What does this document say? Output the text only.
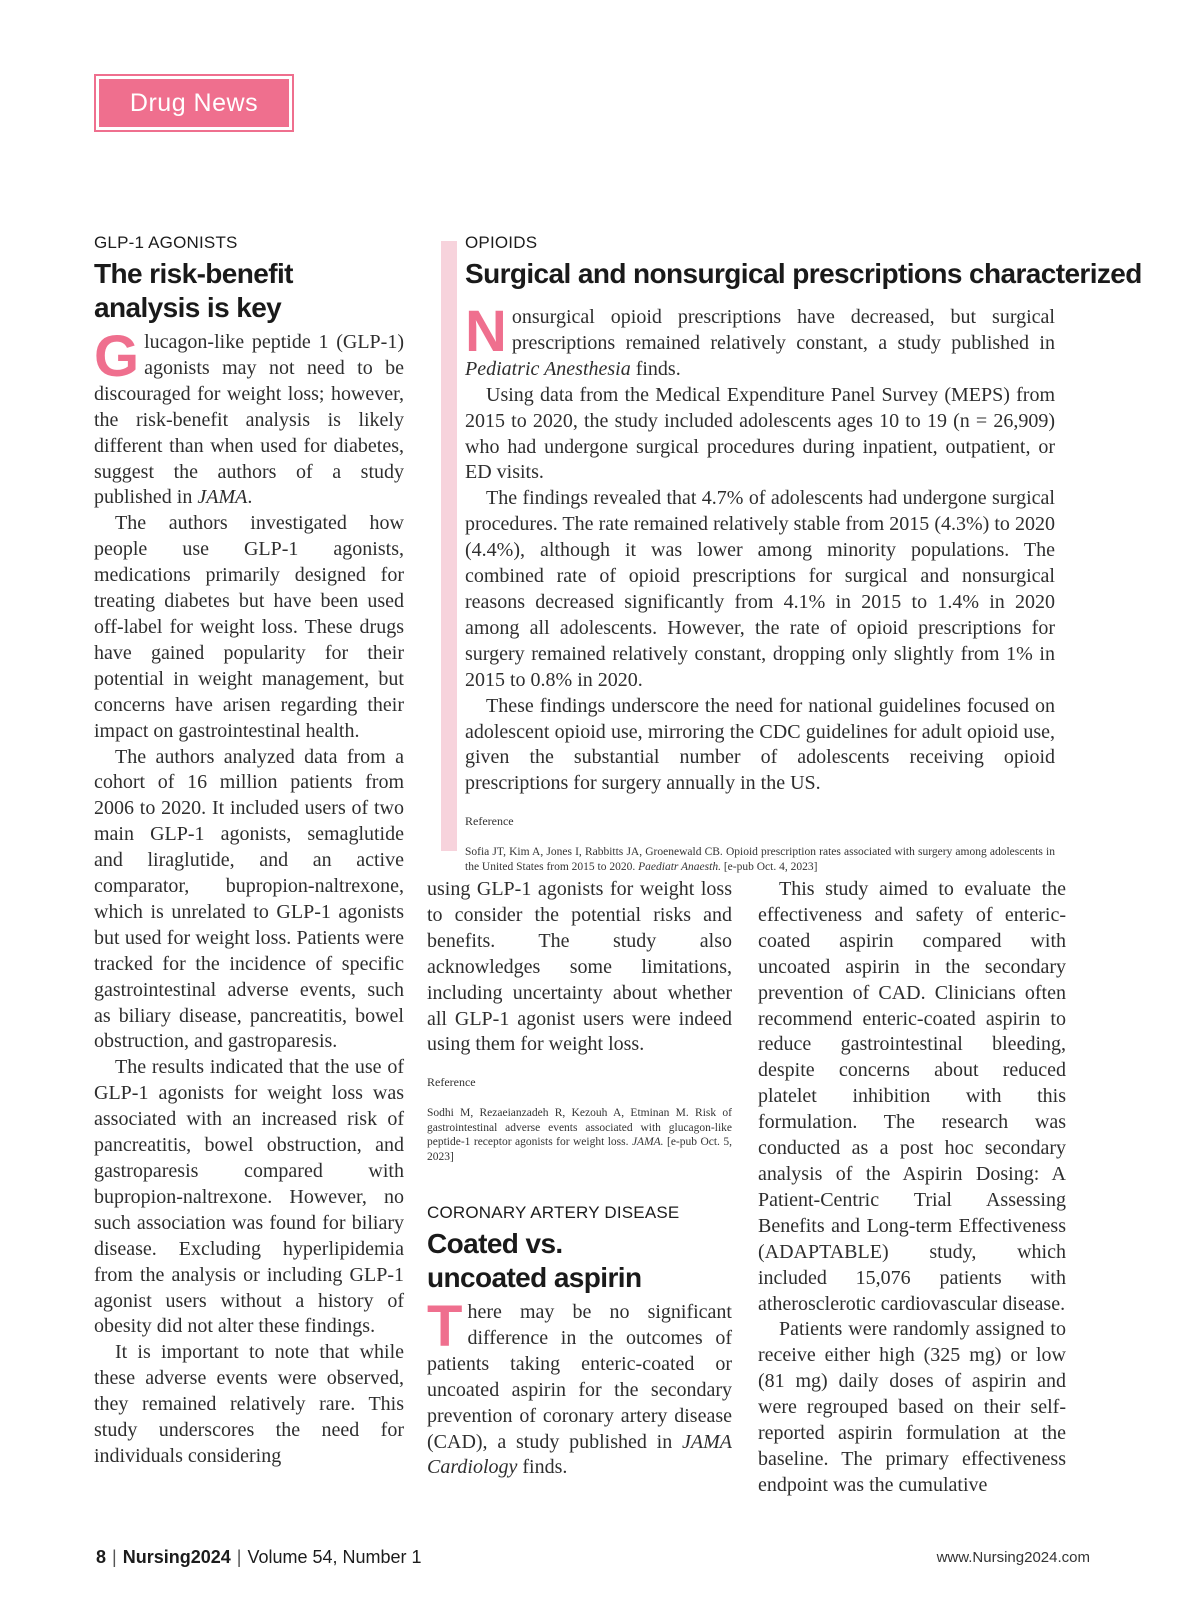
Drug News
GLP-1 AGONISTS
The risk-benefit analysis is key

Glucagon-like peptide 1 (GLP-1) agonists may not need to be discouraged for weight loss; however, the risk-benefit analysis is likely different than when used for diabetes, suggest the authors of a study published in JAMA.

The authors investigated how people use GLP-1 agonists, medications primarily designed for treating diabetes but have been used off-label for weight loss. These drugs have gained popularity for their potential in weight management, but concerns have arisen regarding their impact on gastrointestinal health.

The authors analyzed data from a cohort of 16 million patients from 2006 to 2020. It included users of two main GLP-1 agonists, semaglutide and liraglutide, and an active comparator, bupropion-naltrexone, which is unrelated to GLP-1 agonists but used for weight loss. Patients were tracked for the incidence of specific gastrointestinal adverse events, such as biliary disease, pancreatitis, bowel obstruction, and gastroparesis.

The results indicated that the use of GLP-1 agonists for weight loss was associated with an increased risk of pancreatitis, bowel obstruction, and gastroparesis compared with bupropion-naltrexone. However, no such association was found for biliary disease. Excluding hyperlipidemia from the analysis or including GLP-1 agonist users without a history of obesity did not alter these findings.

It is important to note that while these adverse events were observed, they remained relatively rare. This study underscores the need for individuals considering

OPIOIDS
Surgical and nonsurgical prescriptions characterized

Nonsurgical opioid prescriptions have decreased, but surgical prescriptions remained relatively constant, a study published in Pediatric Anesthesia finds.

Using data from the Medical Expenditure Panel Survey (MEPS) from 2015 to 2020, the study included adolescents ages 10 to 19 (n = 26,909) who had undergone surgical procedures during inpatient, outpatient, or ED visits.

The findings revealed that 4.7% of adolescents had undergone surgical procedures. The rate remained relatively stable from 2015 (4.3%) to 2020 (4.4%), although it was lower among minority populations. The combined rate of opioid prescriptions for surgical and nonsurgical reasons decreased significantly from 4.1% in 2015 to 1.4% in 2020 among all adolescents. However, the rate of opioid prescriptions for surgery remained relatively constant, dropping only slightly from 1% in 2015 to 0.8% in 2020.

These findings underscore the need for national guidelines focused on adolescent opioid use, mirroring the CDC guidelines for adult opioid use, given the substantial number of adolescents receiving opioid prescriptions for surgery annually in the US.

Reference
Sofia JT, Kim A, Jones I, Rabbitts JA, Groenewald CB. Opioid prescription rates associated with surgery among adolescents in the United States from 2015 to 2020. Paediatr Anaesth. [e-pub Oct. 4, 2023]

using GLP-1 agonists for weight loss to consider the potential risks and benefits. The study also acknowledges some limitations, including uncertainty about whether all GLP-1 agonist users were indeed using them for weight loss.

Reference
Sodhi M, Rezaeianzadeh R, Kezouh A, Etminan M. Risk of gastrointestinal adverse events associated with glucagon-like peptide-1 receptor agonists for weight loss. JAMA. [e-pub Oct. 5, 2023]
CORONARY ARTERY DISEASE
Coated vs. uncoated aspirin

There may be no significant difference in the outcomes of patients taking enteric-coated or uncoated aspirin for the secondary prevention of coronary artery disease (CAD), a study published in JAMA Cardiology finds.

This study aimed to evaluate the effectiveness and safety of enteric-coated aspirin compared with uncoated aspirin in the secondary prevention of CAD. Clinicians often recommend enteric-coated aspirin to reduce gastrointestinal bleeding, despite concerns about reduced platelet inhibition with this formulation. The research was conducted as a post hoc secondary analysis of the Aspirin Dosing: A Patient-Centric Trial Assessing Benefits and Long-term Effectiveness (ADAPTABLE) study, which included 15,076 patients with atherosclerotic cardiovascular disease.

Patients were randomly assigned to receive either high (325 mg) or low (81 mg) daily doses of aspirin and were regrouped based on their self-reported aspirin formulation at the baseline. The primary effectiveness endpoint was the cumulative

8 | Nursing2024 | Volume 54, Number 1	www.Nursing2024.com
